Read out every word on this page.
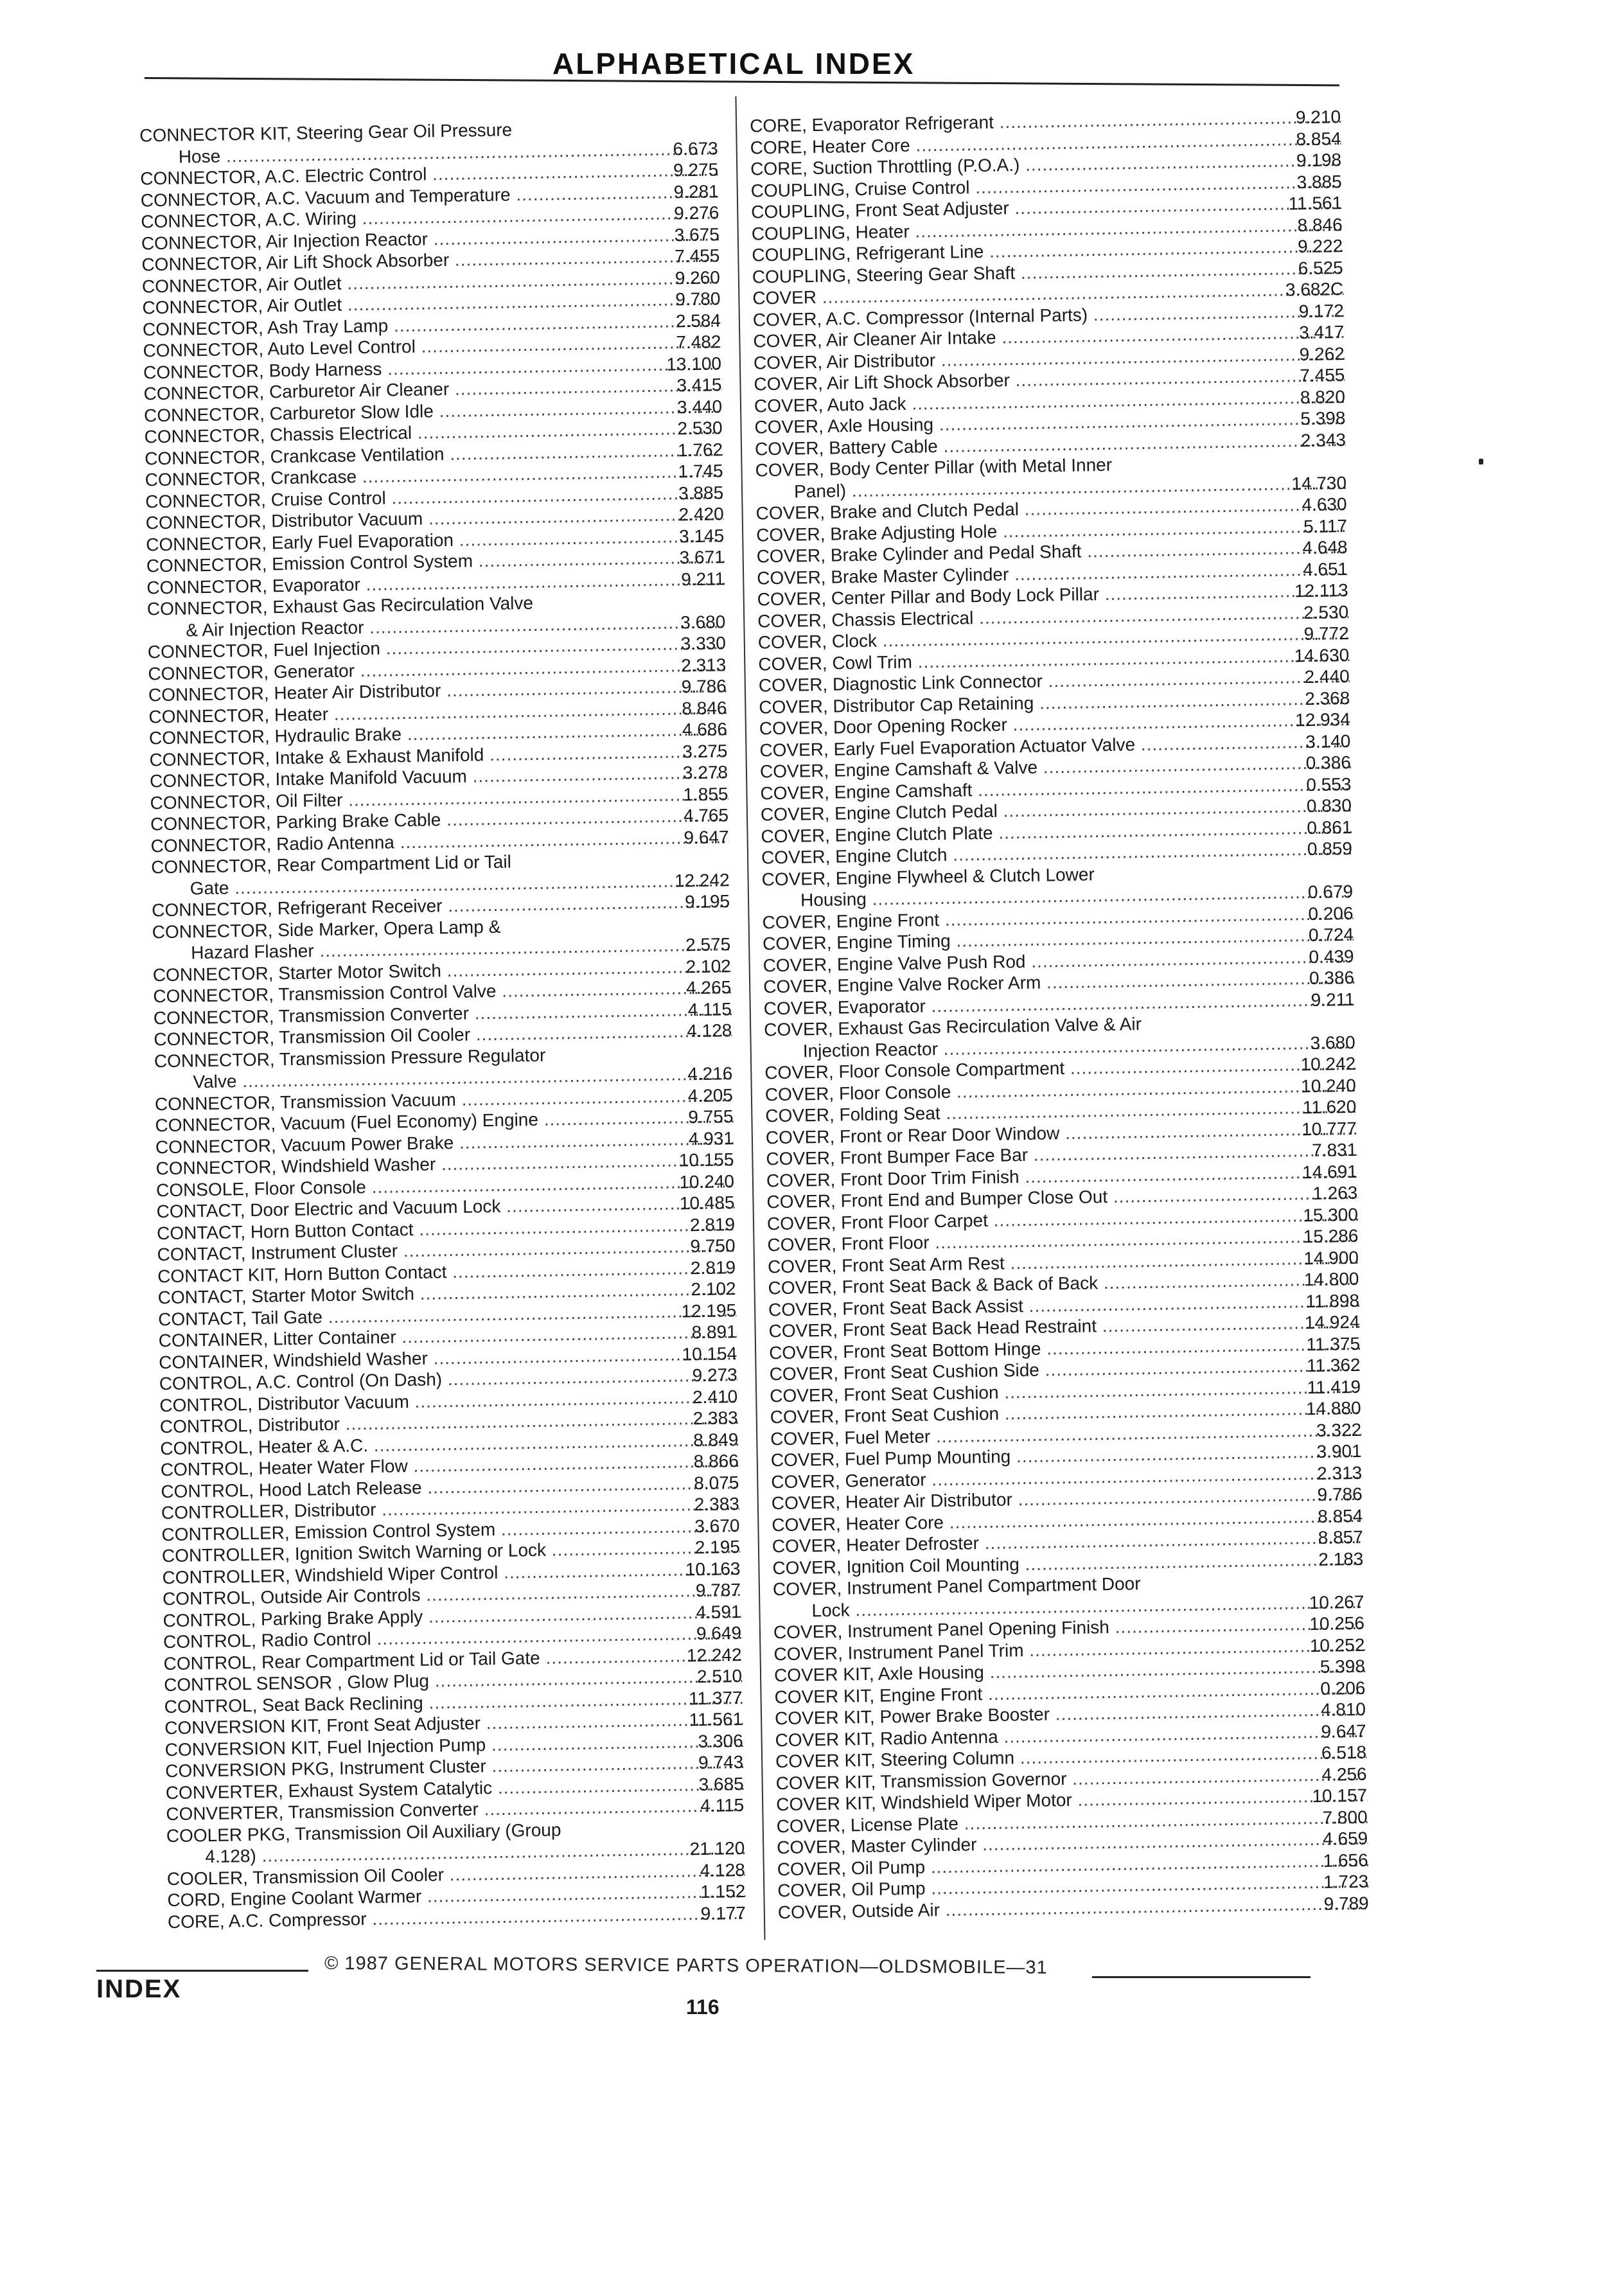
ALPHABETICAL INDEX
CONNECTOR KIT, Steering Gear Oil Pressure
Hose .....	6.673
CONNECTOR, A.C. Electric Control .....	9.275
CONNECTOR, A.C. Vacuum and Temperature .....	9.281
CONNECTOR, A.C. Wiring .....	9.276
CONNECTOR, Air Injection Reactor .....	3.675
CONNECTOR, Air Lift Shock Absorber .....	7.455
CONNECTOR, Air Outlet .....	9.260
CONNECTOR, Air Outlet .....	9.780
CONNECTOR, Ash Tray Lamp .....	2.584
CONNECTOR, Auto Level Control .....	7.482
CONNECTOR, Body Harness .....	13.100
CONNECTOR, Carburetor Air Cleaner .....	3.415
CONNECTOR, Carburetor Slow Idle .....	3.440
CONNECTOR, Chassis Electrical .....	2.530
CONNECTOR, Crankcase Ventilation .....	1.762
CONNECTOR, Crankcase .....	1.745
CONNECTOR, Cruise Control .....	3.885
CONNECTOR, Distributor Vacuum .....	2.420
CONNECTOR, Early Fuel Evaporation .....	3.145
CONNECTOR, Emission Control System .....	3.671
CONNECTOR, Evaporator .....	9.211
CONNECTOR, Exhaust Gas Recirculation Valve
& Air Injection Reactor .....	3.680
CONNECTOR, Fuel Injection .....	3.330
CONNECTOR, Generator .....	2.313
CONNECTOR, Heater Air Distributor .....	9.786
CONNECTOR, Heater .....	8.846
CONNECTOR, Hydraulic Brake .....	4.686
CONNECTOR, Intake & Exhaust Manifold .....	3.275
CONNECTOR, Intake Manifold Vacuum .....	3.278
CONNECTOR, Oil Filter .....	1.855
CONNECTOR, Parking Brake Cable .....	4.765
CONNECTOR, Radio Antenna .....	9.647
CONNECTOR, Rear Compartment Lid or Tail
Gate .....	12.242
CONNECTOR, Refrigerant Receiver .....	9.195
CONNECTOR, Side Marker, Opera Lamp &
Hazard Flasher .....	2.575
CONNECTOR, Starter Motor Switch .....	2.102
CONNECTOR, Transmission Control Valve .....	4.265
CONNECTOR, Transmission Converter .....	4.115
CONNECTOR, Transmission Oil Cooler .....	4.128
CONNECTOR, Transmission Pressure Regulator
Valve .....	4.216
CONNECTOR, Transmission Vacuum .....	4.205
CONNECTOR, Vacuum (Fuel Economy) Engine .....	9.755
CONNECTOR, Vacuum Power Brake .....	4.931
CONNECTOR, Windshield Washer .....	10.155
CONSOLE, Floor Console .....	10.240
CONTACT, Door Electric and Vacuum Lock .....	10.485
CONTACT, Horn Button Contact .....	2.819
CONTACT, Instrument Cluster .....	9.750
CONTACT KIT, Horn Button Contact .....	2.819
CONTACT, Starter Motor Switch .....	2.102
CONTACT, Tail Gate .....	12.195
CONTAINER, Litter Container .....	8.891
CONTAINER, Windshield Washer .....	10.154
CONTROL, A.C. Control (On Dash) .....	9.273
CONTROL, Distributor Vacuum .....	2.410
CONTROL, Distributor .....	2.383
CONTROL, Heater & A.C. .....	8.849
CONTROL, Heater Water Flow .....	8.866
CONTROL, Hood Latch Release .....	8.075
CONTROLLER, Distributor .....	2.383
CONTROLLER, Emission Control System .....	3.670
CONTROLLER, Ignition Switch Warning or Lock .....	2.195
CONTROLLER, Windshield Wiper Control .....	10.163
CONTROL, Outside Air Controls .....	9.787
CONTROL, Parking Brake Apply .....	4.591
CONTROL, Radio Control .....	9.649
CONTROL, Rear Compartment Lid or Tail Gate .....	12.242
CONTROL SENSOR , Glow Plug .....	2.510
CONTROL, Seat Back Reclining .....	11.377
CONVERSION KIT, Front Seat Adjuster .....	11.561
CONVERSION KIT, Fuel Injection Pump .....	3.306
CONVERSION PKG, Instrument Cluster .....	9.743
CONVERTER, Exhaust System Catalytic .....	3.685
CONVERTER, Transmission Converter .....	4.115
COOLER PKG, Transmission Oil Auxiliary (Group
4.128) .....	21.120
COOLER, Transmission Oil Cooler .....	4.128
CORD, Engine Coolant Warmer .....	1.152
CORE, A.C. Compressor .....	9.177
CORE, Evaporator Refrigerant .....	9.210
CORE, Heater Core .....	8.854
CORE, Suction Throttling (P.O.A.) .....	9.198
COUPLING, Cruise Control .....	3.885
COUPLING, Front Seat Adjuster .....	11.561
COUPLING, Heater .....	8.846
COUPLING, Refrigerant Line .....	9.222
COUPLING, Steering Gear Shaft .....	6.525
COVER .....	3.682C
COVER, A.C. Compressor (Internal Parts) .....	9.172
COVER, Air Cleaner Air Intake .....	3.417
COVER, Air Distributor .....	9.262
COVER, Air Lift Shock Absorber .....	7.455
COVER, Auto Jack .....	8.820
COVER, Axle Housing .....	5.398
COVER, Battery Cable .....	2.343
COVER, Body Center Pillar (with Metal Inner
Panel) .....	14.730
COVER, Brake and Clutch Pedal .....	4.630
COVER, Brake Adjusting Hole .....	5.117
COVER, Brake Cylinder and Pedal Shaft .....	4.648
COVER, Brake Master Cylinder .....	4.651
COVER, Center Pillar and Body Lock Pillar .....	12.113
COVER, Chassis Electrical .....	2.530
COVER, Clock .....	9.772
COVER, Cowl Trim .....	14.630
COVER, Diagnostic Link Connector .....	2.440
COVER, Distributor Cap Retaining .....	2.368
COVER, Door Opening Rocker .....	12.934
COVER, Early Fuel Evaporation Actuator Valve .....	3.140
COVER, Engine Camshaft & Valve .....	0.386
COVER, Engine Camshaft .....	0.553
COVER, Engine Clutch Pedal .....	0.830
COVER, Engine Clutch Plate .....	0.861
COVER, Engine Clutch .....	0.859
COVER, Engine Flywheel & Clutch Lower
Housing .....	0.679
COVER, Engine Front .....	0.206
COVER, Engine Timing .....	0.724
COVER, Engine Valve Push Rod .....	0.439
COVER, Engine Valve Rocker Arm .....	0.386
COVER, Evaporator .....	9.211
COVER, Exhaust Gas Recirculation Valve & Air
Injection Reactor .....	3.680
COVER, Floor Console Compartment .....	10.242
COVER, Floor Console .....	10.240
COVER, Folding Seat .....	11.620
COVER, Front or Rear Door Window .....	10.777
COVER, Front Bumper Face Bar .....	7.831
COVER, Front Door Trim Finish .....	14.691
COVER, Front End and Bumper Close Out .....	1.263
COVER, Front Floor Carpet .....	15.300
COVER, Front Floor .....	15.286
COVER, Front Seat Arm Rest .....	14.900
COVER, Front Seat Back & Back of Back .....	14.800
COVER, Front Seat Back Assist .....	11.898
COVER, Front Seat Back Head Restraint .....	14.924
COVER, Front Seat Bottom Hinge .....	11.375
COVER, Front Seat Cushion Side .....	11.362
COVER, Front Seat Cushion .....	11.419
COVER, Front Seat Cushion .....	14.880
COVER, Fuel Meter .....	3.322
COVER, Fuel Pump Mounting .....	3.901
COVER, Generator .....	2.313
COVER, Heater Air Distributor .....	9.786
COVER, Heater Core .....	8.854
COVER, Heater Defroster .....	8.857
COVER, Ignition Coil Mounting .....	2.183
COVER, Instrument Panel Compartment Door
Lock .....	10.267
COVER, Instrument Panel Opening Finish .....	10.256
COVER, Instrument Panel Trim .....	10.252
COVER KIT, Axle Housing .....	5.398
COVER KIT, Engine Front .....	0.206
COVER KIT, Power Brake Booster .....	4.810
COVER KIT, Radio Antenna .....	9.647
COVER KIT, Steering Column .....	6.518
COVER KIT, Transmission Governor .....	4.256
COVER KIT, Windshield Wiper Motor .....	10.157
COVER, License Plate .....	7.800
COVER, Master Cylinder .....	4.659
COVER, Oil Pump .....	1.656
COVER, Oil Pump .....	1.723
COVER, Outside Air .....	9.789
© 1987 GENERAL MOTORS SERVICE PARTS OPERATION—OLDSMOBILE—31
INDEX
116
